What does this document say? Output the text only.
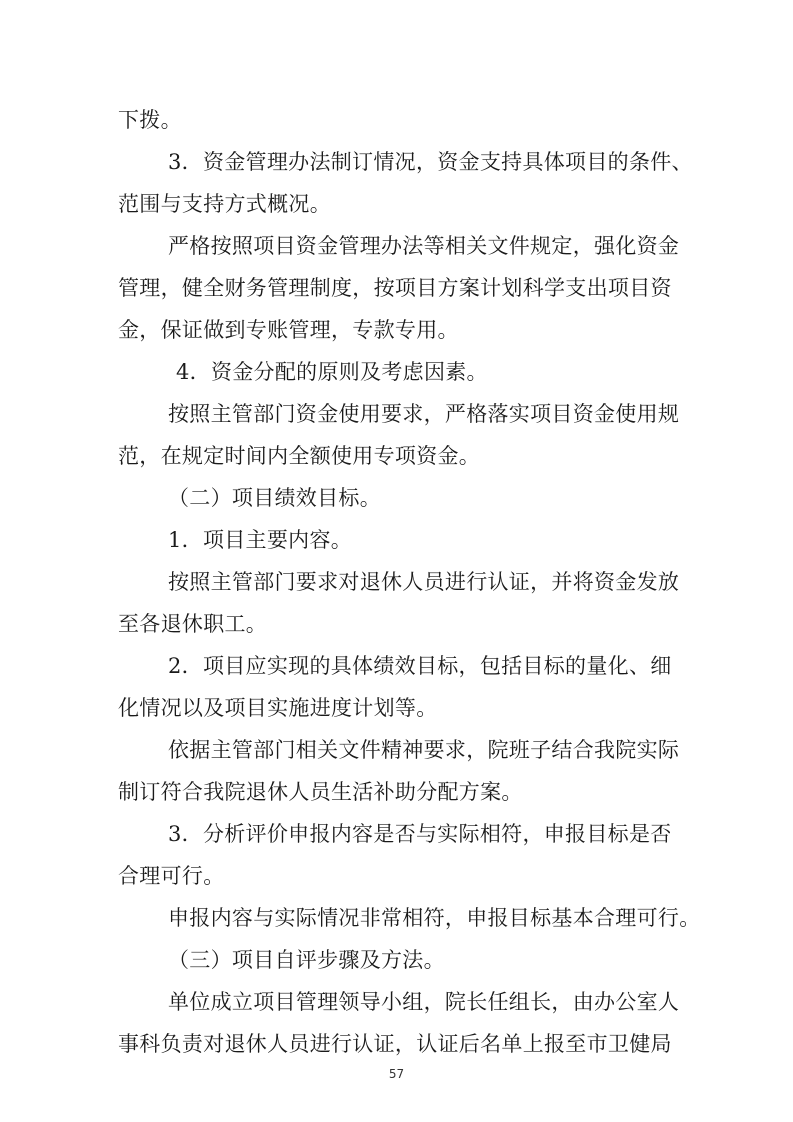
下拨。
3．资金管理办法制订情况，资金支持具体项目的条件、
范围与支持方式概况。
严格按照项目资金管理办法等相关文件规定，强化资金
管理，健全财务管理制度，按项目方案计划科学支出项目资
金，保证做到专账管理，专款专用。
4．资金分配的原则及考虑因素。
按照主管部门资金使用要求，严格落实项目资金使用规
范，在规定时间内全额使用专项资金。
（二）项目绩效目标。
1．项目主要内容。
按照主管部门要求对退休人员进行认证，并将资金发放
至各退休职工。
2．项目应实现的具体绩效目标，包括目标的量化、细
化情况以及项目实施进度计划等。
依据主管部门相关文件精神要求，院班子结合我院实际
制订符合我院退休人员生活补助分配方案。
3．分析评价申报内容是否与实际相符，申报目标是否
合理可行。
申报内容与实际情况非常相符，申报目标基本合理可行。
（三）项目自评步骤及方法。
单位成立项目管理领导小组，院长任组长，由办公室人
事科负责对退休人员进行认证，认证后名单上报至市卫健局
57
